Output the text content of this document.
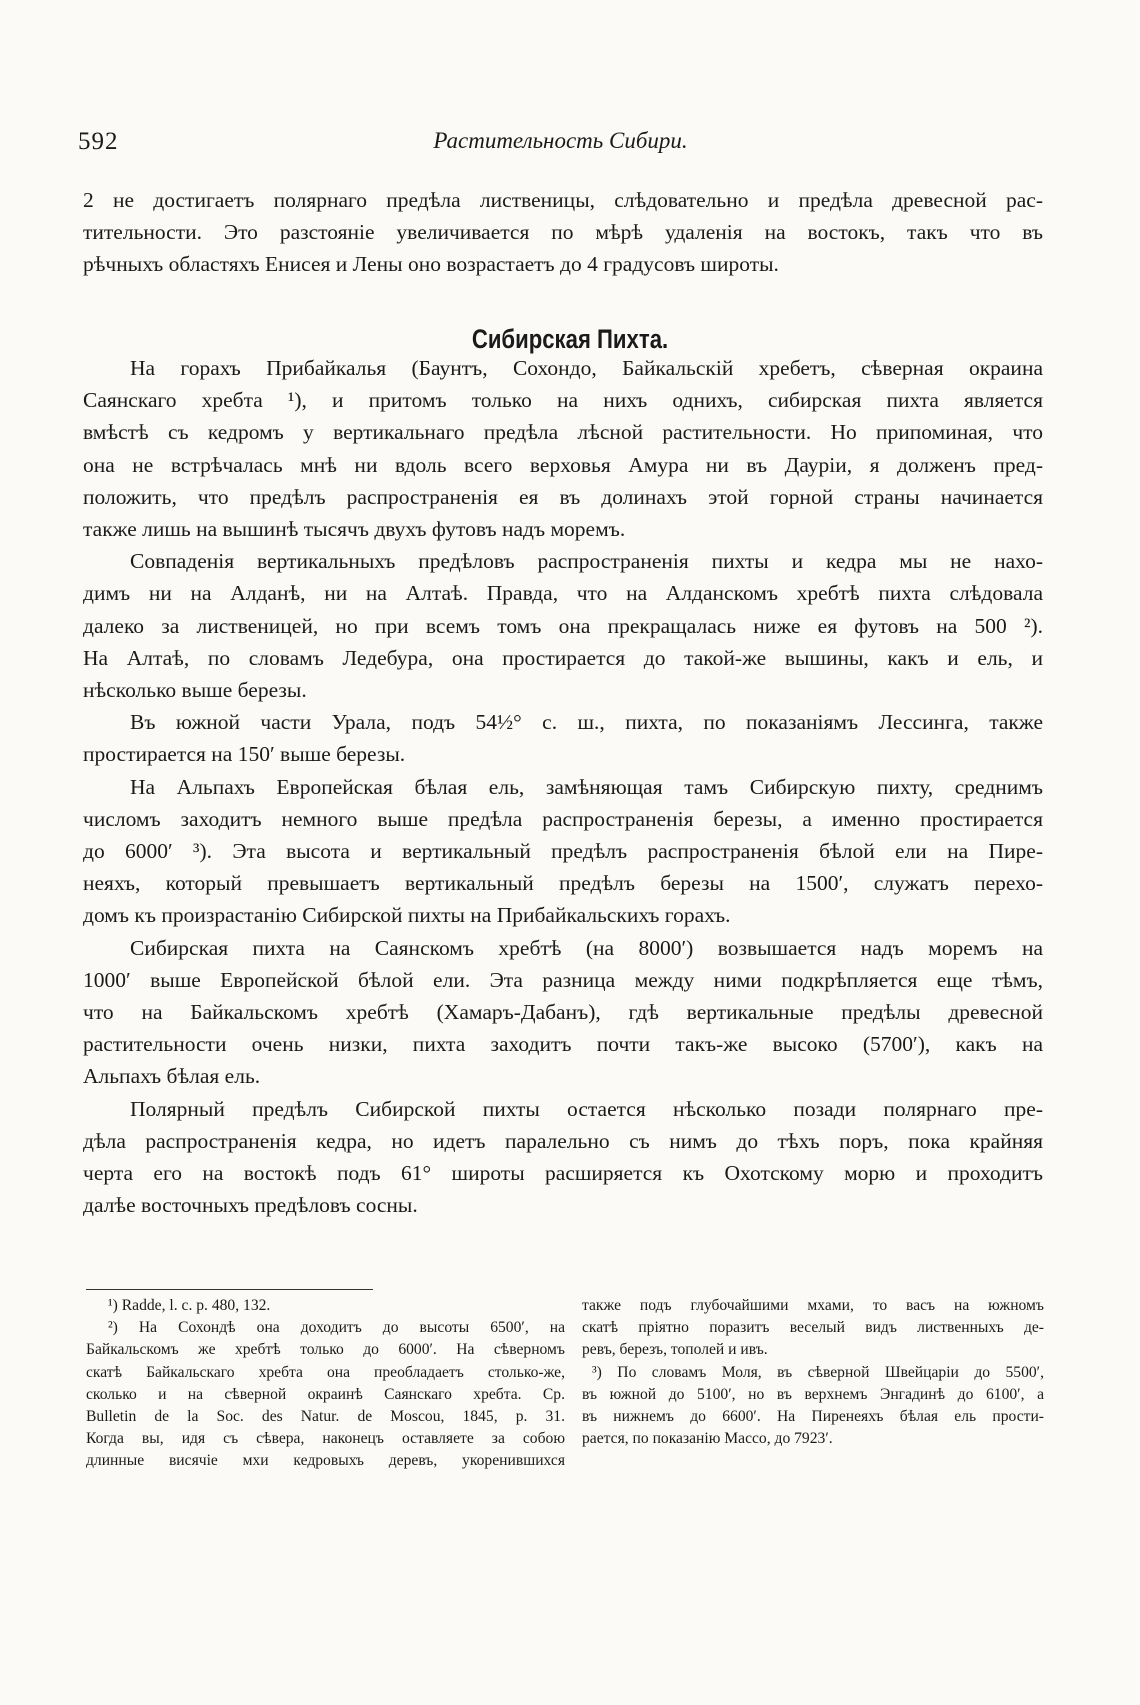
592	Растительность Сибири.

2 не достигаетъ полярнаго предѣла лиственицы, слѣдовательно и предѣла древесной рас-
тительности. Это разстояніе увеличивается по мѣрѣ удаленія на востокъ, такъ что въ
рѣчныхъ областяхъ Енисея и Лены оно возрастаетъ до 4 градусовъ широты.

Сибирская Пихта.

На горахъ Прибайкалья (Баунтъ, Сохондо, Байкальскій хребетъ, сѣверная окраина
Саянскаго хребта ¹), и притомъ только на нихъ однихъ, сибирская пихта является
вмѣстѣ съ кедромъ у вертикальнаго предѣла лѣсной растительности. Но припоминая, что
она не встрѣчалась мнѣ ни вдоль всего верховья Амура ни въ Дауріи, я долженъ пред-
положить, что предѣлъ распространенія ея въ долинахъ этой горной страны начинается
также лишь на вышинѣ тысячъ двухъ футовъ надъ моремъ.

Совпаденія вертикальныхъ предѣловъ распространенія пихты и кедра мы не нахо-
димъ ни на Алданѣ, ни на Алтаѣ. Правда, что на Алданскомъ хребтѣ пихта слѣдовала
далеко за лиственицей, но при всемъ томъ она прекращалась ниже ея футовъ на 500 ²).
На Алтаѣ, по словамъ Ледебура, она простирается до такой-же вышины, какъ и ель, и
нѣсколько выше березы.

Въ южной части Урала, подъ 54½° с. ш., пихта, по показаніямъ Лессинга, также
простирается на 150′ выше березы.

На Альпахъ Европейская бѣлая ель, замѣняющая тамъ Сибирскую пихту, среднимъ
числомъ заходитъ немного выше предѣла распространенія березы, а именно простирается
до 6000′ ³). Эта высота и вертикальный предѣлъ распространенія бѣлой ели на Пире-
неяхъ, который превышаетъ вертикальный предѣлъ березы на 1500′, служатъ перехо-
домъ къ произрастанію Сибирской пихты на Прибайкальскихъ горахъ.

Сибирская пихта на Саянскомъ хребтѣ (на 8000′) возвышается надъ моремъ на
1000′ выше Европейской бѣлой ели. Эта разница между ними подкрѣпляется еще тѣмъ,
что на Байкальскомъ хребтѣ (Хамаръ-Дабанъ), гдѣ вертикальные предѣлы древесной
растительности очень низки, пихта заходитъ почти такъ-же высоко (5700′), какъ на
Альпахъ бѣлая ель.

Полярный предѣлъ Сибирской пихты остается нѣсколько позади полярнаго пре-
дѣла распространенія кедра, но идетъ паралельно съ нимъ до тѣхъ поръ, пока крайняя
черта его на востокѣ подъ 61° широты расширяется къ Охотскому морю и проходитъ
далѣе восточныхъ предѣловъ сосны.

¹) Radde, l. c. p. 480, 132.
²) На Сохондѣ она доходитъ до высоты 6500′, на
Байкальскомъ же хребтѣ только до 6000′. На сѣверномъ
скатѣ Байкальскаго хребта она преобладаетъ столько-же,
сколько и на сѣверной окраинѣ Саянскаго хребта. Ср.
Bulletin de la Soc. des Natur. de Moscou, 1845, p. 31.
Когда вы, идя съ сѣвера, наконецъ оставляете за собою
длинные висячіе мхи кедровыхъ деревъ, укоренившихся
также подъ глубочайшими мхами, то васъ на южномъ
скатѣ пріятно поразитъ веселый видъ лиственныхъ де-
ревъ, березъ, тополей и ивъ.
³) По словамъ Моля, въ сѣверной Швейцаріи до 5500′,
въ южной до 5100′, но въ верхнемъ Энгадинѣ до 6100′, а
въ нижнемъ до 6600′. На Пиренеяхъ бѣлая ель прости-
рается, по показанію Массо, до 7923′.
